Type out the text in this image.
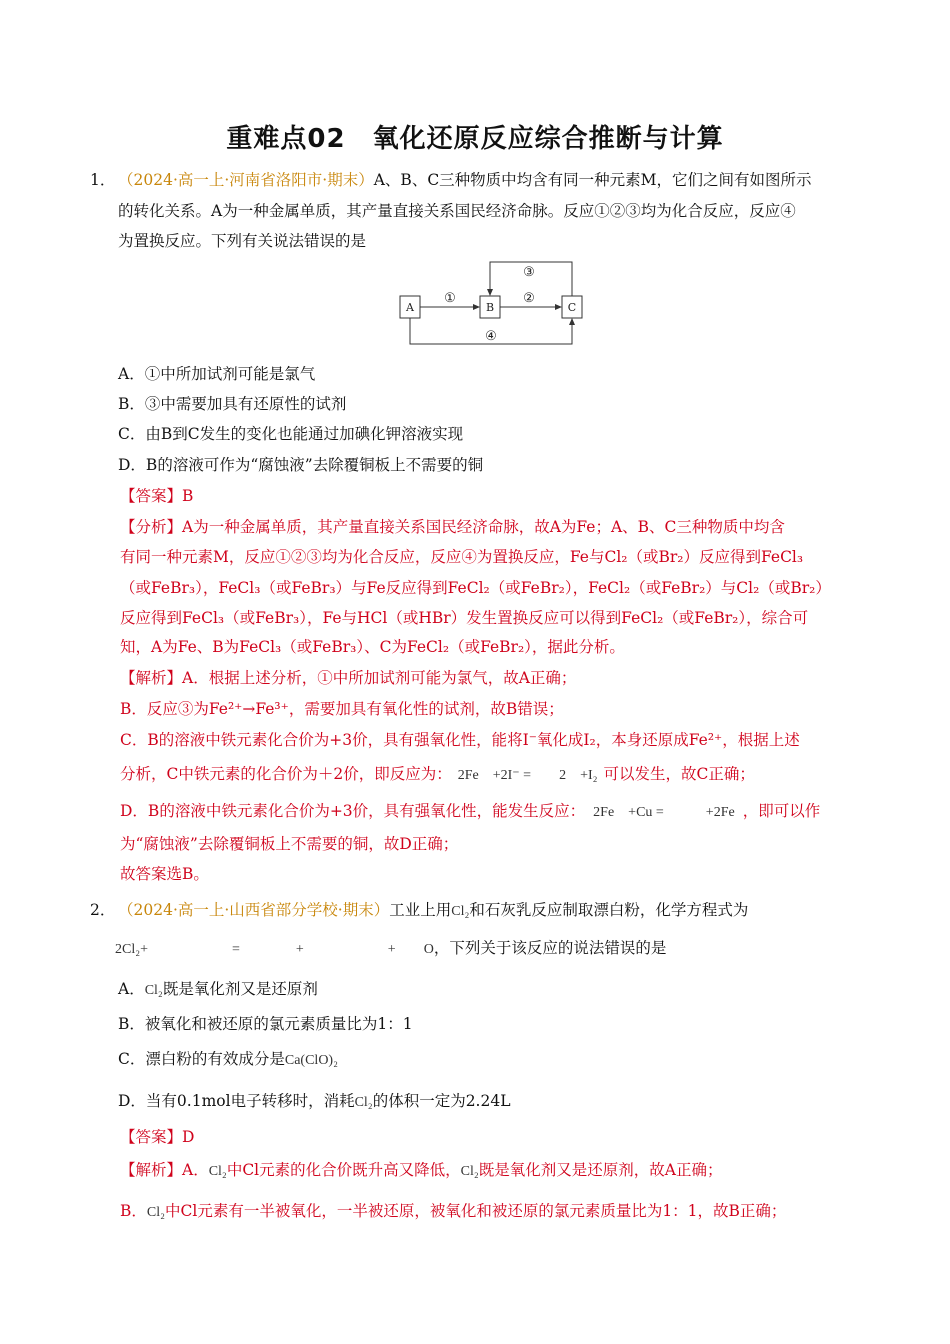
重难点02　氧化还原反应综合推断与计算
1． （2024·高一上·河南省洛阳市·期末）A、B、C三种物质中均含有同一种元素M，它们之间有如图所示
的转化关系。A为一种金属单质，其产量直接关系国民经济命脉。反应①②③均为化合反应，反应④
为置换反应。下列有关说法错误的是
A	B	C
①	②
③
④
A．①中所加试剂可能是氯气
B．③中需要加具有还原性的试剂
C．由B到C发生的变化也能通过加碘化钾溶液实现
D．B的溶液可作为“腐蚀液”去除覆铜板上不需要的铜
【答案】B
【分析】A为一种金属单质，其产量直接关系国民经济命脉，故A为Fe；A、B、C三种物质中均含
有同一种元素M，反应①②③均为化合反应，反应④为置换反应，Fe与Cl₂（或Br₂）反应得到FeCl₃
（或FeBr₃），FeCl₃（或FeBr₃）与Fe反应得到FeCl₂（或FeBr₂），FeCl₂（或FeBr₂）与Cl₂（或Br₂）
反应得到FeCl₃（或FeBr₃），Fe与HCl（或HBr）发生置换反应可以得到FeCl₂（或FeBr₂），综合可
知，A为Fe、B为FeCl₃（或FeBr₃）、C为FeCl₂（或FeBr₂），据此分析。
【解析】A．根据上述分析，①中所加试剂可能为氯气，故A正确；
B．反应③为Fe²⁺→Fe³⁺，需要加具有氧化性的试剂，故B错误；
C．B的溶液中铁元素化合价为+3价，具有强氧化性，能将I⁻氧化成I₂，本身还原成Fe²⁺，根据上述
分析，C中铁元素的化合价为＋2价，即反应为： 2Fe　+2I⁻ =　　2　+I₂ 可以发生，故C正确；
D．B的溶液中铁元素化合价为+3价，具有强氧化性，能发生反应： 2Fe　+Cu =　　　+2Fe ，即可以作
为“腐蚀液”去除覆铜板上不需要的铜，故D正确；
故答案选B。
2． （2024·高一上·山西省部分学校·期末）工业上用Cl₂和石灰乳反应制取漂白粉，化学方程式为
2Cl₂+　　　　　　=　　　　+　　　　　　+　　O，下列关于该反应的说法错误的是
A．Cl₂既是氧化剂又是还原剂
B．被氧化和被还原的氯元素质量比为1：1
C．漂白粉的有效成分是Ca(ClO)₂
D．当有0.1mol电子转移时，消耗Cl₂的体积一定为2.24L
【答案】D
【解析】A．Cl₂中Cl元素的化合价既升高又降低，Cl₂既是氧化剂又是还原剂，故A正确；
B．Cl₂中Cl元素有一半被氧化，一半被还原，被氧化和被还原的氯元素质量比为1：1，故B正确；
